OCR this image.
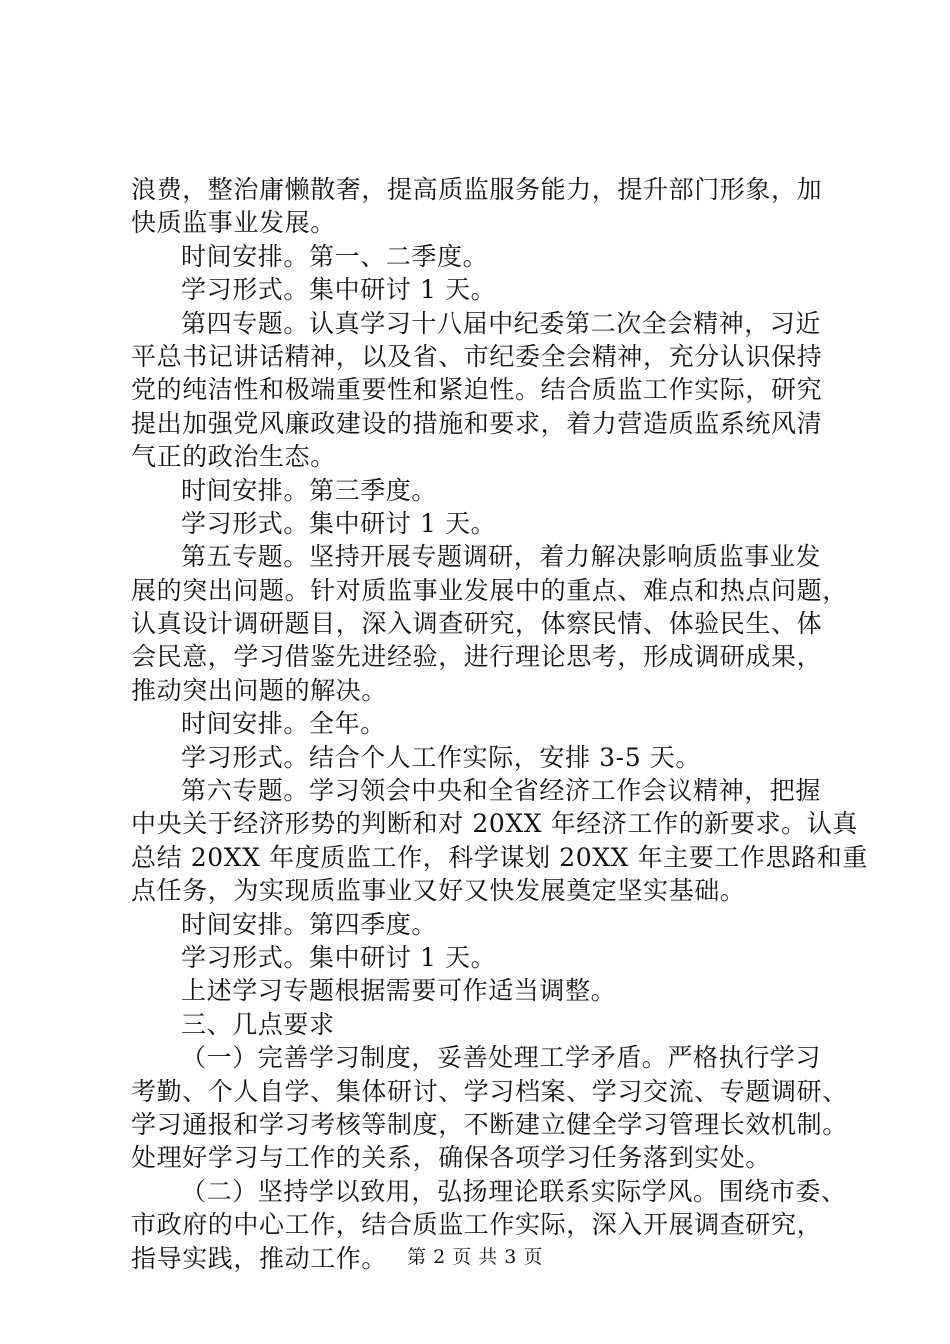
浪费，整治庸懒散奢，提高质监服务能力，提升部门形象，加
快质监事业发展。
时间安排。第一、二季度。
学习形式。集中研讨 1 天。
第四专题。认真学习十八届中纪委第二次全会精神，习近
平总书记讲话精神，以及省、市纪委全会精神，充分认识保持
党的纯洁性和极端重要性和紧迫性。结合质监工作实际，研究
提出加强党风廉政建设的措施和要求，着力营造质监系统风清
气正的政治生态。
时间安排。第三季度。
学习形式。集中研讨 1 天。
第五专题。坚持开展专题调研，着力解决影响质监事业发
展的突出问题。针对质监事业发展中的重点、难点和热点问题，
认真设计调研题目，深入调查研究，体察民情、体验民生、体
会民意，学习借鉴先进经验，进行理论思考，形成调研成果，
推动突出问题的解决。
时间安排。全年。
学习形式。结合个人工作实际，安排 3-5 天。
第六专题。学习领会中央和全省经济工作会议精神，把握
中央关于经济形势的判断和对 20XX 年经济工作的新要求。认真
总结 20XX 年度质监工作，科学谋划 20XX 年主要工作思路和重
点任务，为实现质监事业又好又快发展奠定坚实基础。
时间安排。第四季度。
学习形式。集中研讨 1 天。
上述学习专题根据需要可作适当调整。
三、几点要求
（一）完善学习制度，妥善处理工学矛盾。严格执行学习
考勤、个人自学、集体研讨、学习档案、学习交流、专题调研、
学习通报和学习考核等制度，不断建立健全学习管理长效机制。
处理好学习与工作的关系，确保各项学习任务落到实处。
（二）坚持学以致用，弘扬理论联系实际学风。围绕市委、
市政府的中心工作，结合质监工作实际，深入开展调查研究，
指导实践，推动工作。	第 2 页 共 3 页
